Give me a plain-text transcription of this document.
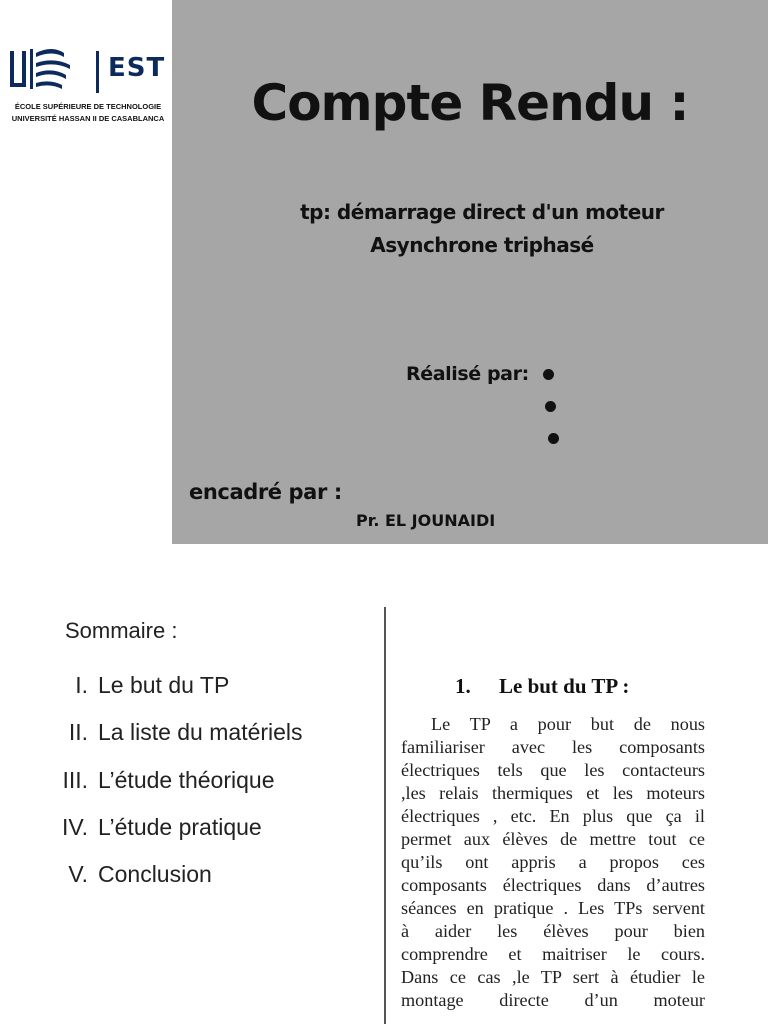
EST
ÉCOLE SUPÉRIEURE DE TECHNOLOGIE
UNIVERSITÉ HASSAN II DE CASABLANCA	Compte Rendu :
tp: démarrage direct d'un moteur
Asynchrone triphasé
Réalisé par:
encadré par :
Pr. EL JOUNAIDI
Sommaire :
I. Le but du TP
II. La liste du matériels
III. L’étude théorique
IV. L’étude pratique
V. Conclusion
1. Le but du TP :
Le TP a pour but de nous
familiariser avec les composants
électriques tels que les contacteurs
,les relais thermiques et les moteurs
électriques , etc. En plus que ça il
permet aux élèves de mettre tout ce
qu’ils ont appris a propos ces
composants électriques dans d’autres
séances en pratique . Les TPs servent
à aider les élèves pour bien
comprendre et maitriser le cours.
Dans ce cas ,le TP sert à étudier le
montage directe d’un moteur
